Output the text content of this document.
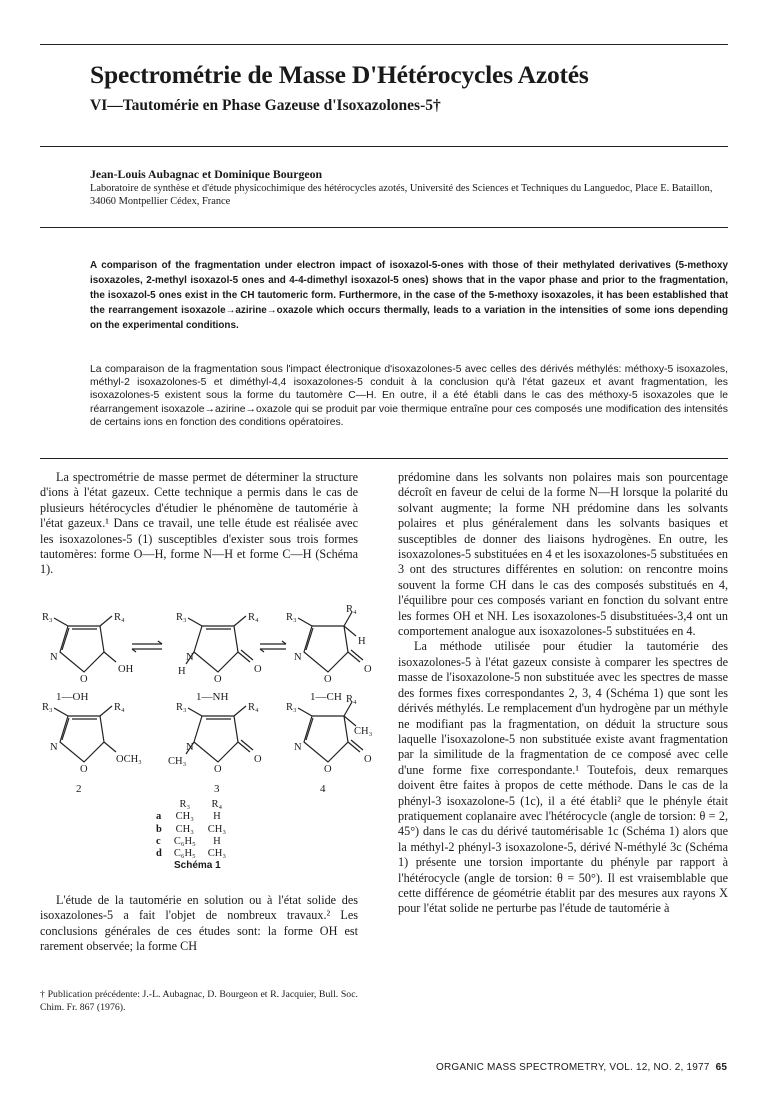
Spectrométrie de Masse D'Hétérocycles Azotés
VI—Tautomérie en Phase Gazeuse d'Isoxazolones-5†
Jean-Louis Aubagnac et Dominique Bourgeon
Laboratoire de synthèse et d'étude physicochimique des hétérocycles azotés, Université des Sciences et Techniques du Languedoc, Place E. Bataillon, 34060 Montpellier Cédex, France
A comparison of the fragmentation under electron impact of isoxazol-5-ones with those of their methylated derivatives (5-methoxy isoxazoles, 2-methyl isoxazol-5 ones and 4-4-dimethyl isoxazol-5 ones) shows that in the vapor phase and prior to the fragmentation, the isoxazol-5 ones exist in the CH tautomeric form. Furthermore, in the case of the 5-methoxy isoxazoles, it has been established that the rearrangement isoxazole→azirine→oxazole which occurs thermally, leads to a variation in the intensities of some ions depending on the experimental conditions.
La comparaison de la fragmentation sous l'impact électronique d'isoxazolones-5 avec celles des dérivés méthylés: méthoxy-5 isoxazoles, méthyl-2 isoxazolones-5 et diméthyl-4,4 isoxazolones-5 conduit à la conclusion qu'à l'état gazeux et avant fragmentation, les isoxazolones-5 existent sous la forme du tautomère C—H. En outre, il a été établi dans le cas des méthoxy-5 isoxazoles que le réarrangement isoxazole→azirine→oxazole qui se produit par voie thermique entraîne pour ces composés une modification des intensités de certains ions en fonction des conditions opératoires.

La spectrométrie de masse permet de déterminer la structure d'ions à l'état gazeux. Cette technique a permis dans le cas de plusieurs hétérocycles d'étudier le phénomène de tautomérie à l'état gazeux.¹ Dans ce travail, une telle étude est réalisée avec les isoxazolones-5 (1) susceptibles d'exister sous trois formes tautomères: forme O—H, forme N—H et forme C—H (Schéma 1).

R₃	R₄
N
O
OH
1—OH
R₃	R₄
N
H
O
O
1—NH
R₃
R₄
H
N
O
O
1—CH
R₃	R₄
N
O
OCH₃
2
R₃	R₄
N
CH₃
O
O
3
R₃
R₄
CH₃
N
O
O
4
	R₃	R₄
a	CH₃	H
b	CH₃	CH₃
c	C₆H₅	H
d	C₆H₅	CH₃
Schéma 1

L'étude de la tautomérie en solution ou à l'état solide des isoxazolones-5 a fait l'objet de nombreux travaux.² Les conclusions générales de ces études sont: la forme OH est rarement observée; la forme CH

† Publication précédente: J.-L. Aubagnac, D. Bourgeon et R. Jacquier, Bull. Soc. Chim. Fr. 867 (1976).

prédomine dans les solvants non polaires mais son pourcentage décroît en faveur de celui de la forme N—H lorsque la polarité du solvant augmente; la forme NH prédomine dans les solvants polaires et plus généralement dans les solvants basiques et susceptibles de donner des liaisons hydrogènes. En outre, les isoxazolones-5 substituées en 4 et les isoxazolones-5 substituées en 3 ont des structures différentes en solution: on rencontre moins souvent la forme CH dans le cas des composés substitués en 4, l'équilibre pour ces composés variant en fonction du solvant entre les formes OH et NH. Les isoxazolones-5 disubstituées-3,4 ont un comportement analogue aux isoxazolones-5 substituées en 4.

La méthode utilisée pour étudier la tautomérie des isoxazolones-5 à l'état gazeux consiste à comparer les spectres de masse de l'isoxazolone-5 non substituée avec les spectres de masse des formes fixes correspondantes 2, 3, 4 (Schéma 1) que sont les dérivés méthylés. Le remplacement d'un hydrogène par un méthyle ne modifiant pas la fragmentation, on déduit la structure sous laquelle l'isoxazolone-5 non substituée existe avant fragmentation par la similitude de la fragmentation de ce composé avec celle d'une forme fixe correspondante.¹ Toutefois, deux remarques doivent être faites à propos de cette méthode. Dans le cas de la phényl-3 isoxazolone-5 (1c), il a été établi² que le phényle était pratiquement coplanaire avec l'hétérocycle (angle de torsion: θ = 2, 45°) dans le cas du dérivé tautomérisable 1c (Schéma 1) alors que la méthyl-2 phényl-3 isoxazolone-5, dérivé N-méthylé 3c (Schéma 1) présente une torsion importante du phényle par rapport à l'hétérocycle (angle de torsion: θ = 50°). Il est vraisemblable que cette différence de géométrie établit par des mesures aux rayons X pour l'état solide ne perturbe pas l'étude de tautomérie à

ORGANIC MASS SPECTROMETRY, VOL. 12, NO. 2, 1977 65
